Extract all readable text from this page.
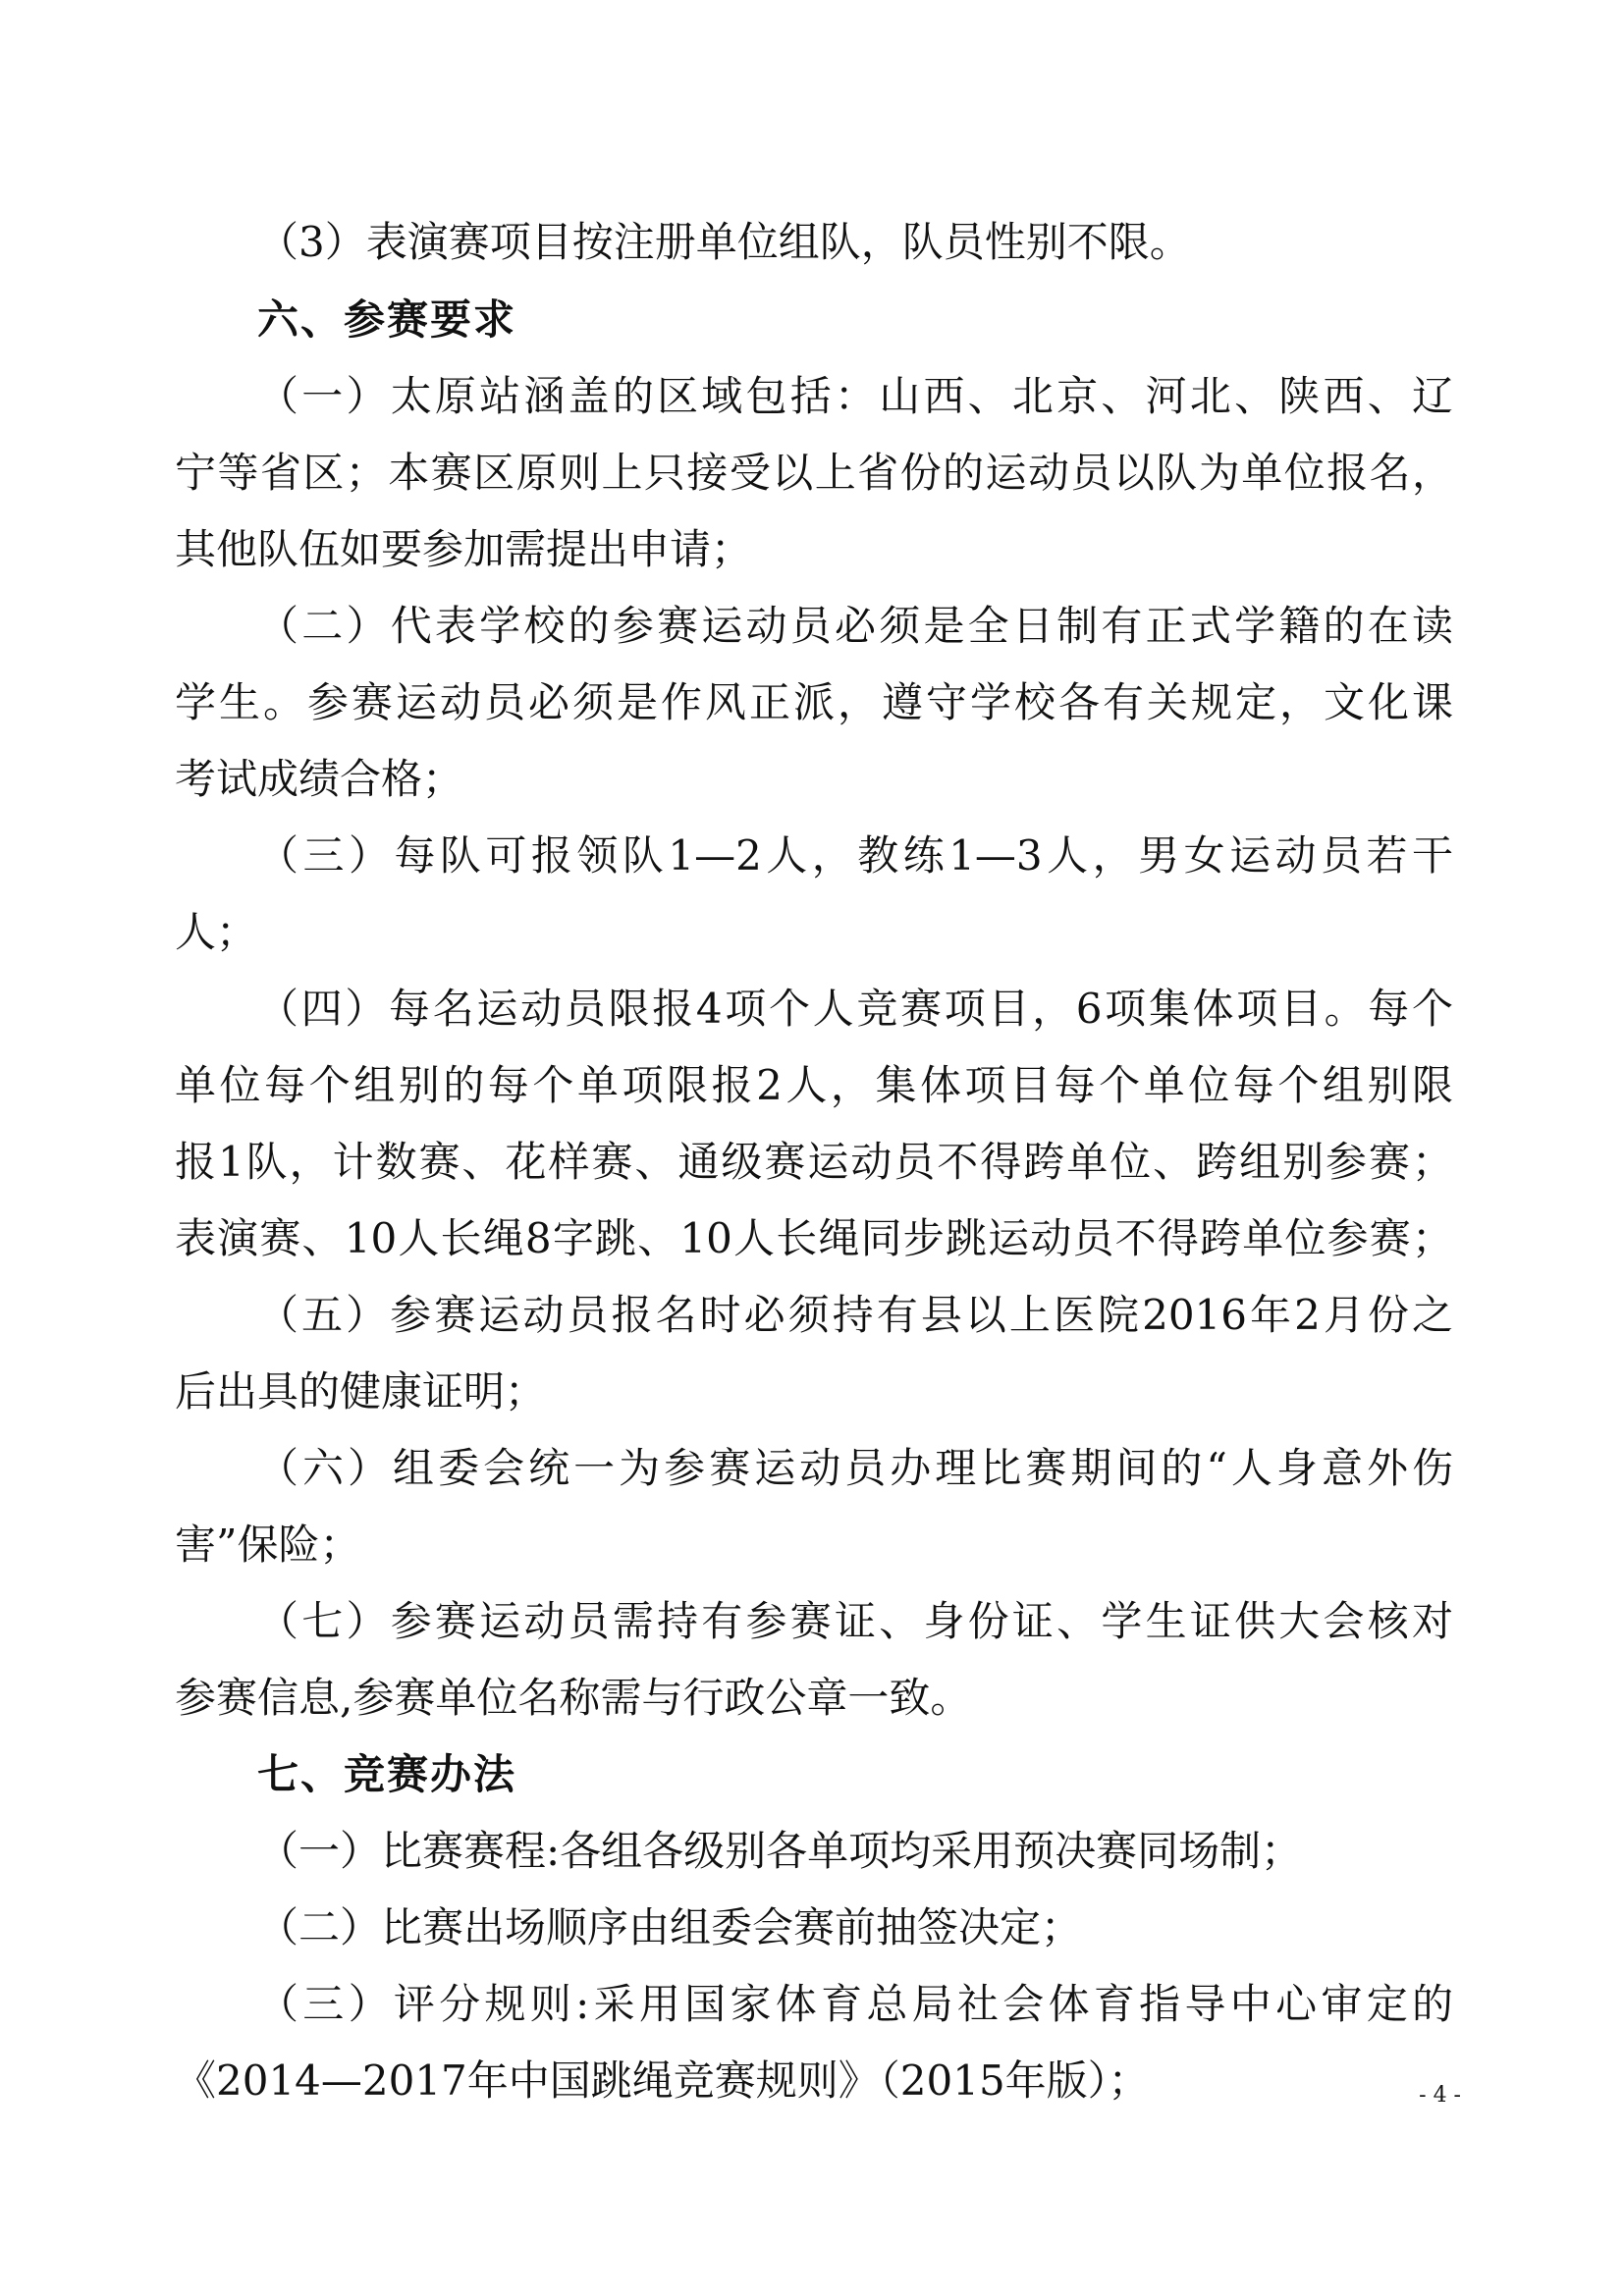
（3）表演赛项目按注册单位组队，队员性别不限。
六、参赛要求
（一）太原站涵盖的区域包括：山西、北京、河北、陕西、辽
宁等省区；本赛区原则上只接受以上省份的运动员以队为单位报名，
其他队伍如要参加需提出申请；
（二）代表学校的参赛运动员必须是全日制有正式学籍的在读
学生。参赛运动员必须是作风正派，遵守学校各有关规定，文化课
考试成绩合格；
（三）每队可报领队1—2人，教练1—3人，男女运动员若干
人；
（四）每名运动员限报4项个人竞赛项目，6项集体项目。每个
单位每个组别的每个单项限报2人，集体项目每个单位每个组别限
报1队，计数赛、花样赛、通级赛运动员不得跨单位、跨组别参赛；
表演赛、10人长绳8字跳、10人长绳同步跳运动员不得跨单位参赛；
（五）参赛运动员报名时必须持有县以上医院2016年2月份之
后出具的健康证明；
（六）组委会统一为参赛运动员办理比赛期间的“人身意外伤
害”保险；
（七）参赛运动员需持有参赛证、身份证、学生证供大会核对
参赛信息,参赛单位名称需与行政公章一致。
七、竞赛办法
（一）比赛赛程:各组各级别各单项均采用预决赛同场制；
（二）比赛出场顺序由组委会赛前抽签决定；
（三）评分规则:采用国家体育总局社会体育指导中心审定的
《2014—2017年中国跳绳竞赛规则》（2015年版）；	- 4 -
